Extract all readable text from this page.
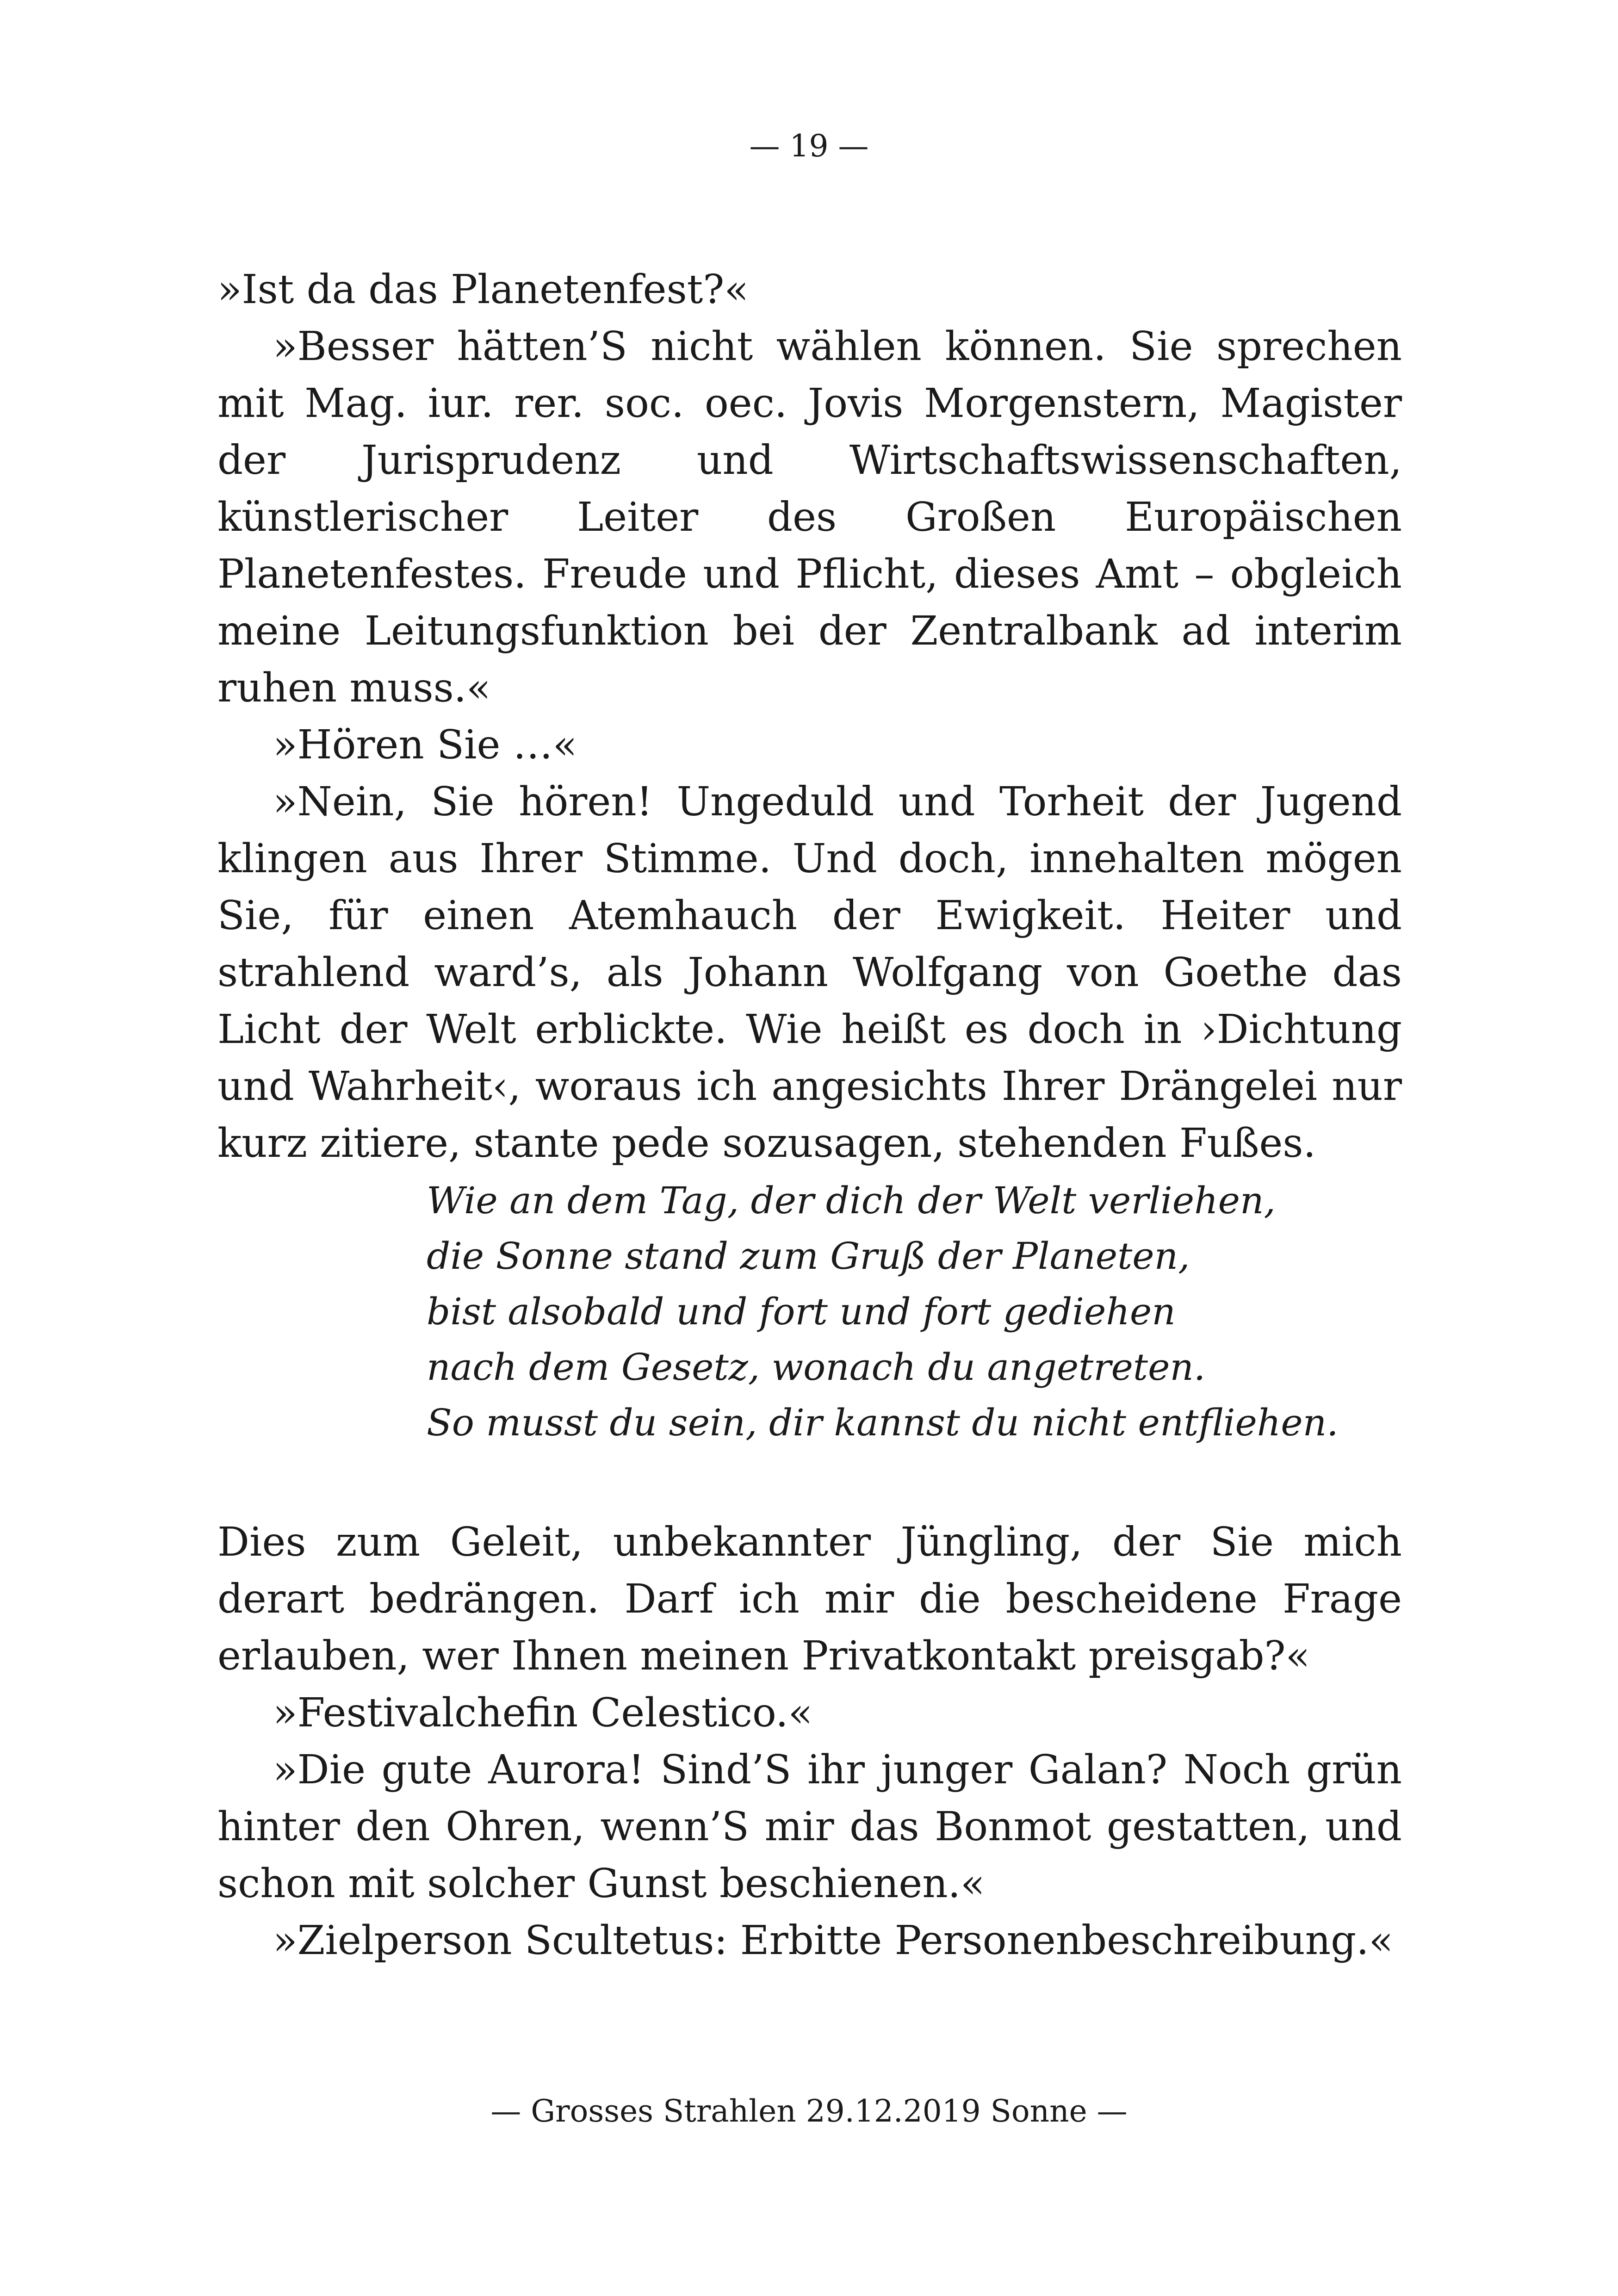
— 19 —

»Ist da das Planetenfest?«

»Besser hätten’S nicht wählen können. Sie sprechen mit Mag. iur. rer. soc. oec. Jovis Morgenstern, Magister der Jurisprudenz und Wirtschaftswissenschaften, künstlerischer Leiter des Großen Europäischen Planetenfestes. Freude und Pflicht, dieses Amt – obgleich meine Leitungsfunktion bei der Zentralbank ad interim ruhen muss.«

»Hören Sie …«

»Nein, Sie hören! Ungeduld und Torheit der Jugend klingen aus Ihrer Stimme. Und doch, innehalten mögen Sie, für einen Atemhauch der Ewigkeit. Heiter und strahlend ward’s, als Johann Wolfgang von Goethe das Licht der Welt erblickte. Wie heißt es doch in ›Dichtung und Wahrheit‹, woraus ich angesichts Ihrer Drängelei nur kurz zitiere, stante pede sozusagen, stehenden Fußes.

Wie an dem Tag, der dich der Welt verliehen,
die Sonne stand zum Gruß der Planeten,
bist alsobald und fort und fort gediehen
nach dem Gesetz, wonach du angetreten.
So musst du sein, dir kannst du nicht entfliehen.

Dies zum Geleit, unbekannter Jüngling, der Sie mich derart bedrängen. Darf ich mir die bescheidene Frage erlauben, wer Ihnen meinen Privatkontakt preisgab?«

»Festivalchefin Celestico.«

»Die gute Aurora! Sind’S ihr junger Galan? Noch grün hinter den Ohren, wenn’S mir das Bonmot gestatten, und schon mit solcher Gunst beschienen.«

»Zielperson Scultetus: Erbitte Personenbeschreibung.«

— Grosses Strahlen 29.12.2019 Sonne —
